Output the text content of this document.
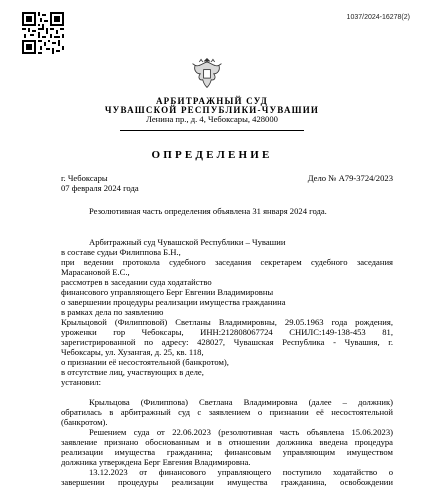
1037/2024-16278(2)
АРБИТРАЖНЫЙ СУД
ЧУВАШСКОЙ РЕСПУБЛИКИ-ЧУВАШИИ
Ленина пр., д. 4, Чебоксары, 428000
ОПРЕДЕЛЕНИЕ
г. Чебоксары
07 февраля 2024 года
Дело № А79-3724/2023
Резолютивная часть определения объявлена 31 января 2024 года.
Арбитражный суд Чувашской Республики – Чувашии
в составе судьи Филиппова Б.Н.,
при ведении протокола судебного заседания секретарем судебного заседания
Марасановой Е.С.,
рассмотрев в заседании суда ходатайство
финансового управляющего Берг Евгении Владимировны
о завершении процедуры реализации имущества гражданина
в рамках дела по заявлению
Крыльцовой (Филипповой) Светланы Владимировны, 29.05.1963 года рождения,
уроженки гор Чебоксары, ИНН:212808067724 СНИЛС:149-138-453 81,
зарегистрированной по адресу: 428027, Чувашская Республика - Чувашия, г.
Чебоксары, ул. Хузангая, д. 25, кв. 118,
о признании её несостоятельной (банкротом),
в отсутствие лиц, участвующих в деле,
установил:

Крыльцова (Филиппова) Светлана Владимировна (далее – должник)
обратилась в арбитражный суд с заявлением о признании её несостоятельной
(банкротом).
Решением суда от 22.06.2023 (резолютивная часть объявлена 15.06.2023)
заявление признано обоснованным и в отношении должника введена процедура
реализации имущества гражданина; финансовым управляющим имуществом
должника утверждена Берг Евгения Владимировна.
13.12.2023 от финансового управляющего поступило ходатайство о
завершении процедуры реализации имущества гражданина, освобождении
